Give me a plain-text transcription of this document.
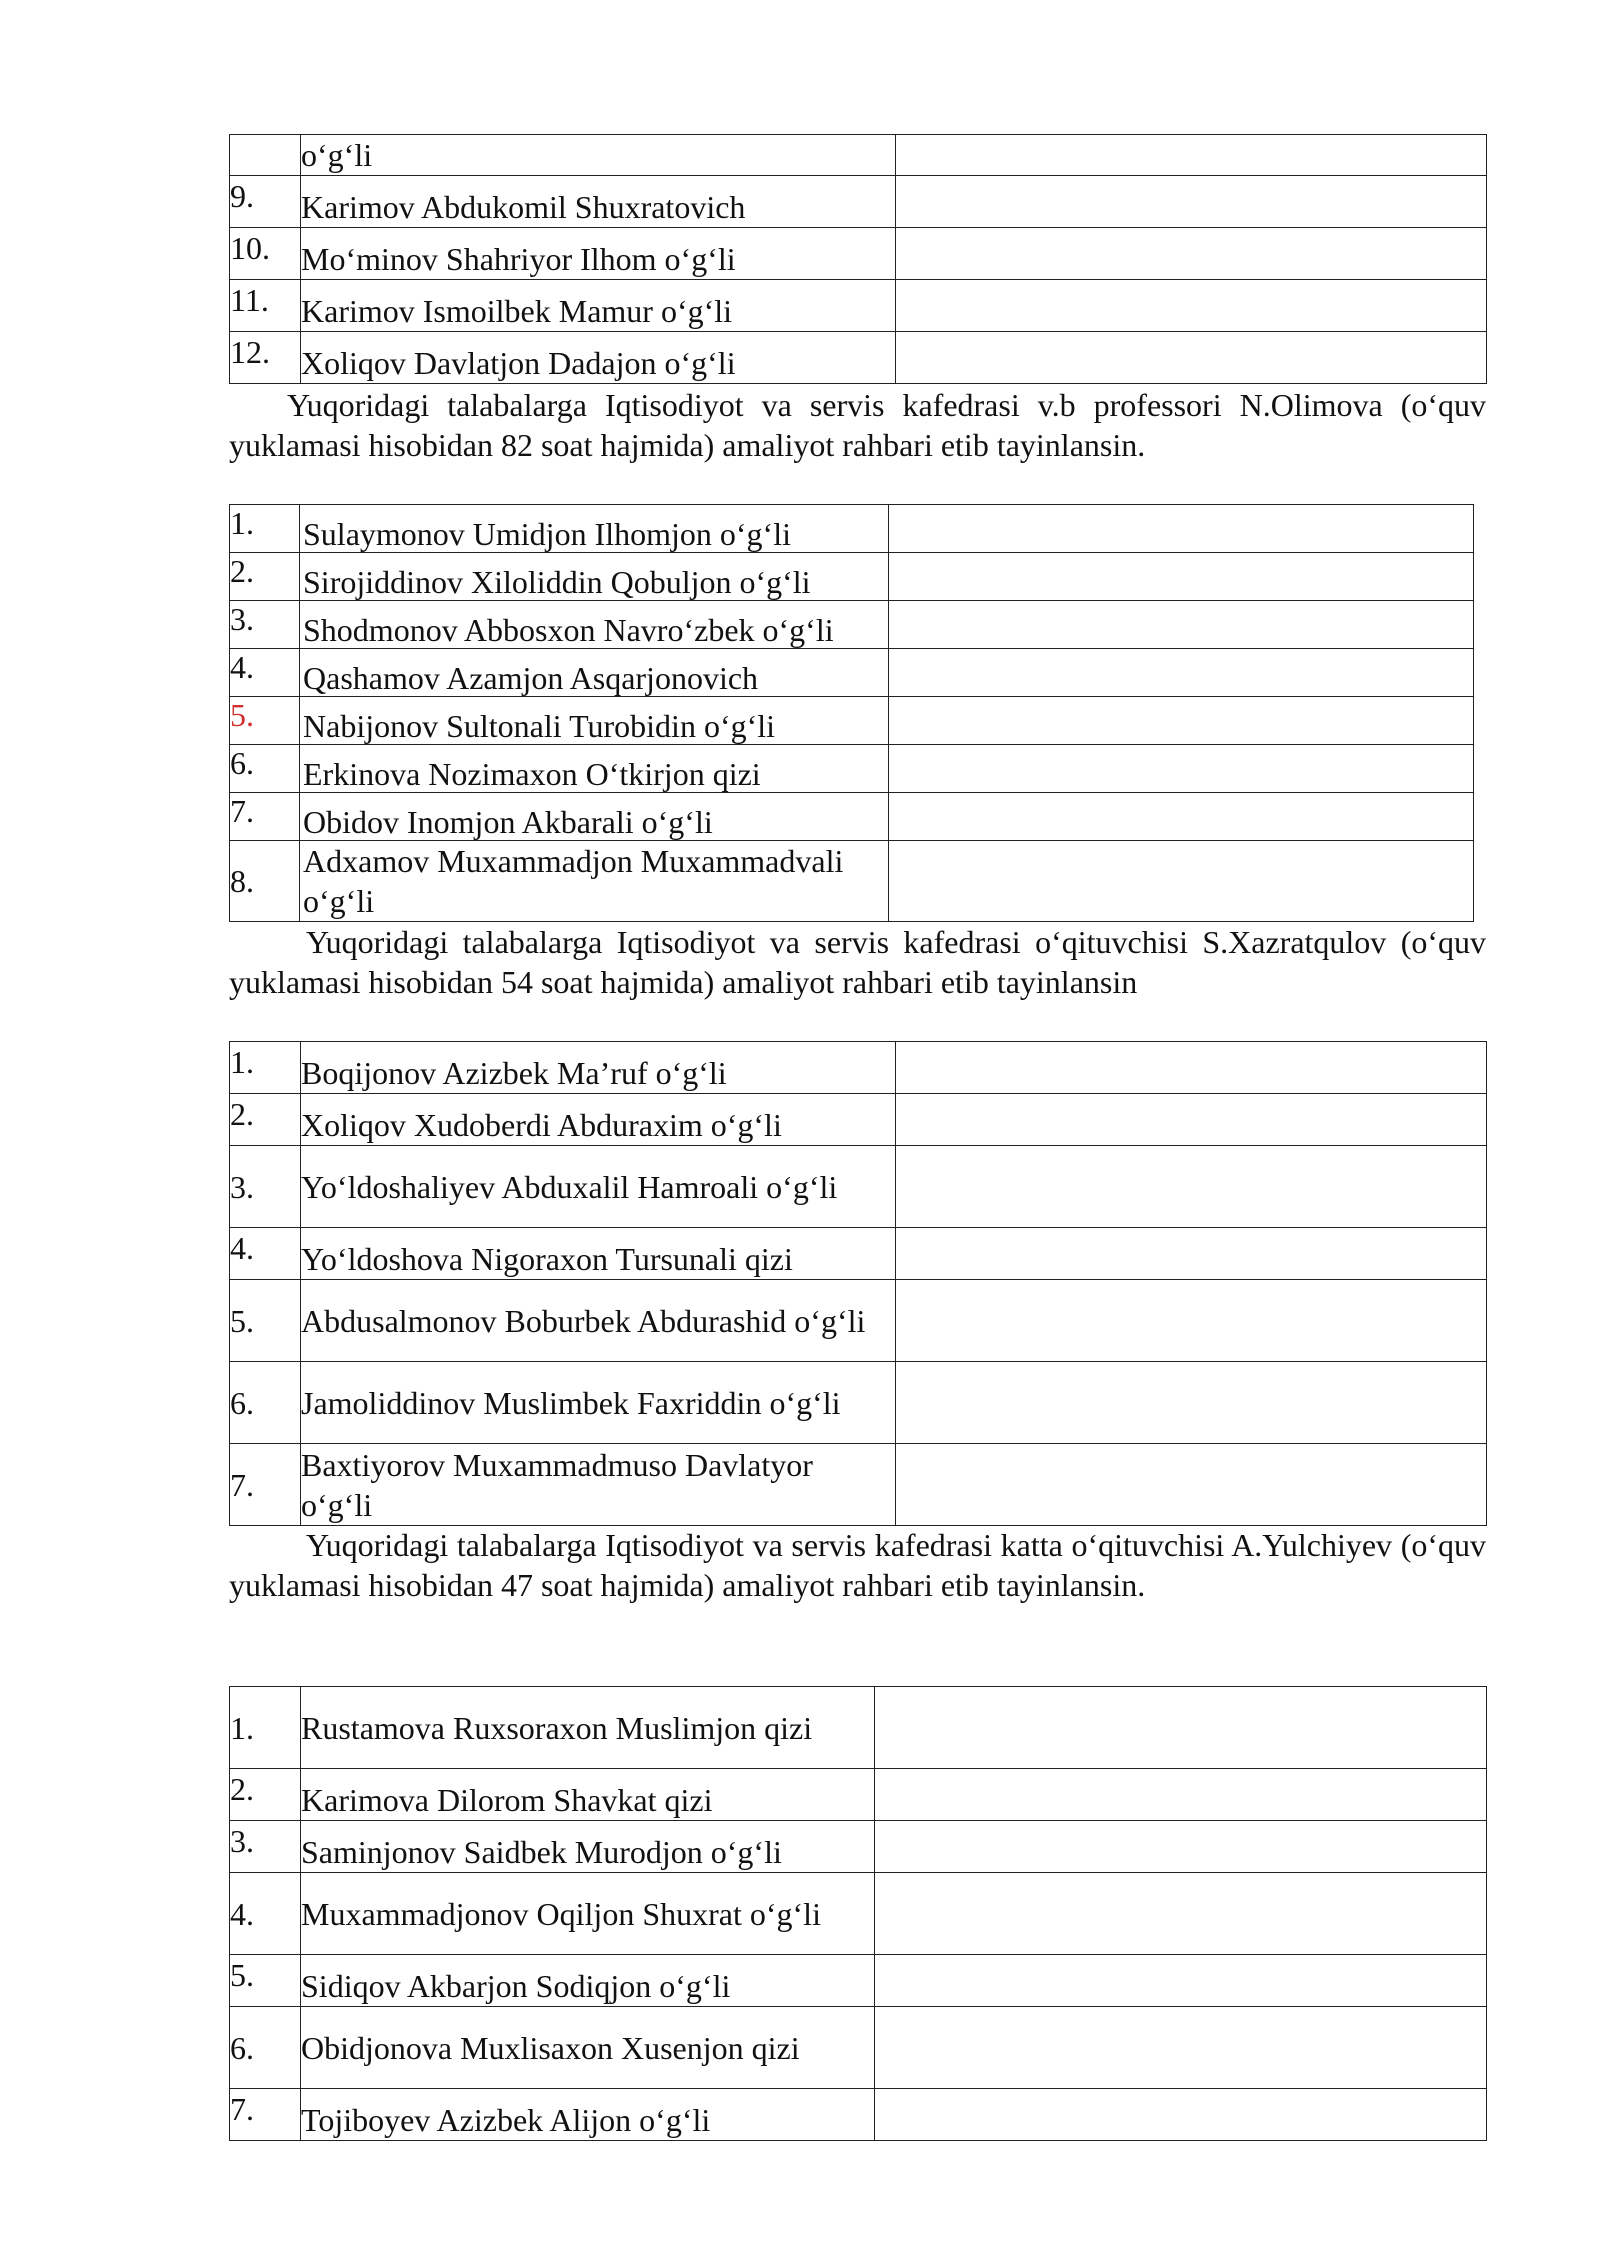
	o‘g‘li	
9.	Karimov Abdukomil Shuxratovich	
10.	Mo‘minov Shahriyor Ilhom o‘g‘li	
11.	Karimov Ismoilbek Mamur o‘g‘li	
12.	Xoliqov Davlatjon Dadajon o‘g‘li	
Yuqoridagi talabalarga Iqtisodiyot va servis kafedrasi v.b professori N.Olimova (o‘quv yuklamasi hisobidan 82 soat hajmida) amaliyot rahbari etib tayinlansin.
1.	Sulaymonov Umidjon Ilhomjon o‘g‘li	
2.	Sirojiddinov Xiloliddin Qobuljon o‘g‘li	
3.	Shodmonov Abbosxon Navro‘zbek o‘g‘li	
4.	Qashamov Azamjon Asqarjonovich	
5.	Nabijonov Sultonali Turobidin o‘g‘li	
6.	Erkinova Nozimaxon O‘tkirjon qizi	
7.	Obidov Inomjon Akbarali o‘g‘li	
8.	Adxamov Muxammadjon Muxammadvali o‘g‘li	
Yuqoridagi talabalarga Iqtisodiyot va servis kafedrasi o‘qituvchisi S.Xazratqulov (o‘quv yuklamasi hisobidan 54 soat hajmida) amaliyot rahbari etib tayinlansin
1.	Boqijonov Azizbek Ma’ruf o‘g‘li	
2.	Xoliqov Xudoberdi Abduraxim o‘g‘li	
3.	Yo‘ldoshaliyev Abduxalil Hamroali o‘g‘li	
4.	Yo‘ldoshova Nigoraxon Tursunali qizi	
5.	Abdusalmonov Boburbek Abdurashid o‘g‘li	
6.	Jamoliddinov Muslimbek Faxriddin o‘g‘li	
7.	Baxtiyorov Muxammadmuso Davlatyor o‘g‘li	
Yuqoridagi talabalarga Iqtisodiyot va servis kafedrasi katta o‘qituvchisi A.Yulchiyev (o‘quv yuklamasi hisobidan 47 soat hajmida) amaliyot rahbari etib tayinlansin.
1.	Rustamova Ruxsoraxon Muslimjon qizi	
2.	Karimova Dilorom Shavkat qizi	
3.	Saminjonov Saidbek Murodjon o‘g‘li	
4.	Muxammadjonov Oqiljon Shuxrat o‘g‘li	
5.	Sidiqov Akbarjon Sodiqjon o‘g‘li	
6.	Obidjonova Muxlisaxon Xusenjon qizi	
7.	Tojiboyev Azizbek Alijon o‘g‘li	
